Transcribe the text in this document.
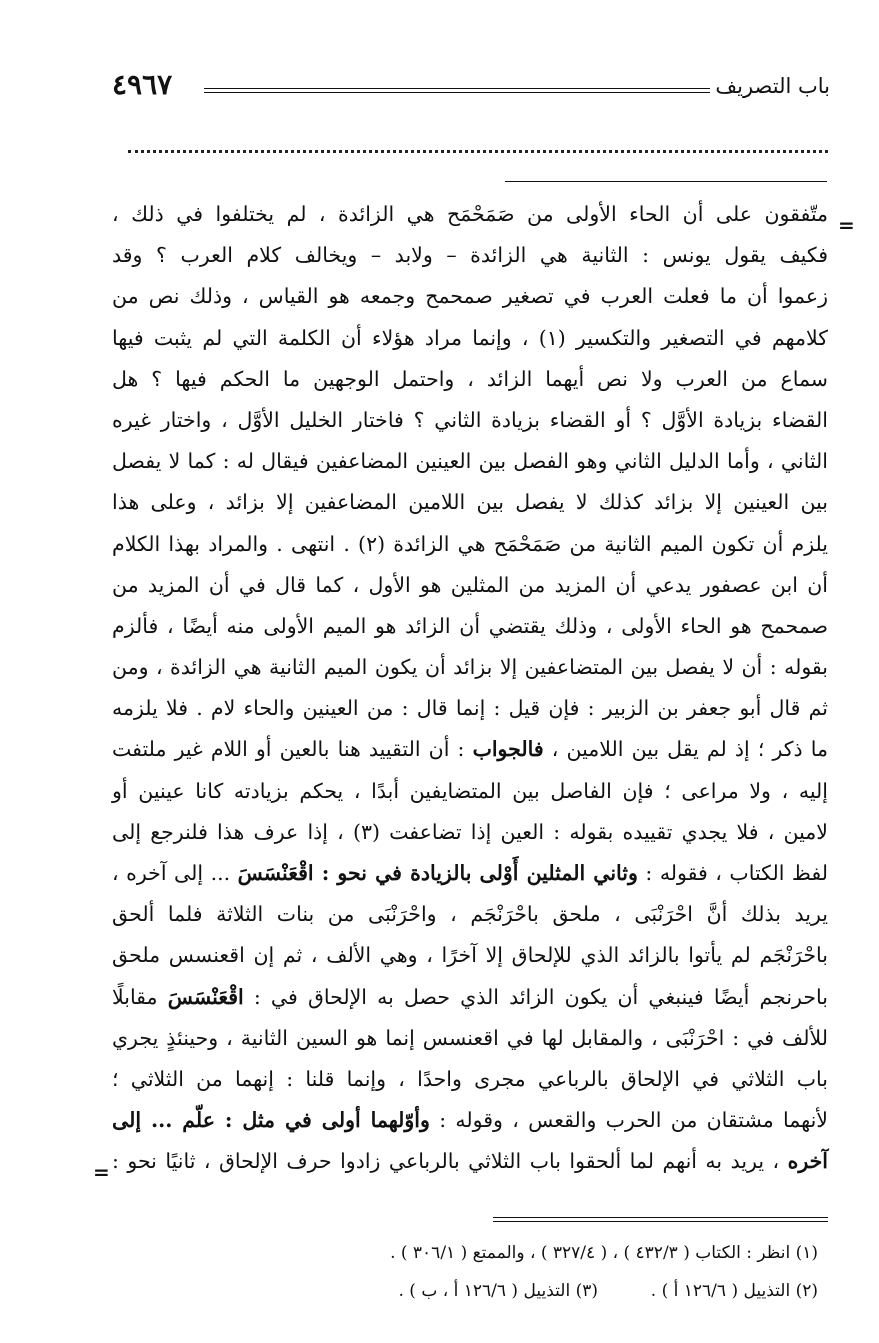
باب التصريف
٤٩٦٧
=
متّفقون على أن الحاء الأولى من صَمَحْمَح هي الزائدة ، لم يختلفوا في ذلك ،
فكيف يقول يونس : الثانية هي الزائدة – ولابد – ويخالف كلام العرب ؟ وقد
زعموا أن ما فعلت العرب في تصغير صمحمح وجمعه هو القياس ، وذلك نص من
كلامهم في التصغير والتكسير (١) ، وإنما مراد هؤلاء أن الكلمة التي لم يثبت فيها
سماع من العرب ولا نص أيهما الزائد ، واحتمل الوجهين ما الحكم فيها ؟ هل
القضاء بزيادة الأوَّل ؟ أو القضاء بزيادة الثاني ؟ فاختار الخليل الأوَّل ، واختار غيره
الثاني ، وأما الدليل الثاني وهو الفصل بين العينين المضاعفين فيقال له : كما لا يفصل
بين العينين إلا بزائد كذلك لا يفصل بين اللامين المضاعفين إلا بزائد ، وعلى هذا
يلزم أن تكون الميم الثانية من صَمَحْمَح هي الزائدة (٢) . انتهى . والمراد بهذا الكلام
أن ابن عصفور يدعي أن المزيد من المثلين هو الأول ، كما قال في أن المزيد من
صمحمح هو الحاء الأولى ، وذلك يقتضي أن الزائد هو الميم الأولى منه أيضًا ، فألزم
بقوله : أن لا يفصل بين المتضاعفين إلا بزائد أن يكون الميم الثانية هي الزائدة ، ومن
ثم قال أبو جعفر بن الزبير : فإن قيل : إنما قال : من العينين والحاء لام . فلا يلزمه
ما ذكر ؛ إذ لم يقل بين اللامين ، فالجواب : أن التقييد هنا بالعين أو اللام غير ملتفت
إليه ، ولا مراعى ؛ فإن الفاصل بين المتضايفين أبدًا ، يحكم بزيادته كانا عينين أو
لامين ، فلا يجدي تقييده بقوله : العين إذا تضاعفت (٣) ، إذا عرف هذا فلنرجع إلى
لفظ الكتاب ، فقوله : وثاني المثلين أَوْلى بالزيادة في نحو : اقْعَنْسَسَ ... إلى آخره ،
يريد بذلك أنَّ احْرَنْبَى ، ملحق باحْرَنْجَم ، واحْرَنْبَى من بنات الثلاثة فلما ألحق
باحْرَنْجَم لم يأتوا بالزائد الذي للإلحاق إلا آخرًا ، وهي الألف ، ثم إن اقعنسس ملحق
باحرنجم أيضًا فينبغي أن يكون الزائد الذي حصل به الإلحاق في : اقْعَنْسَسَ مقابلًا
للألف في : احْرَنْبَى ، والمقابل لها في اقعنسس إنما هو السين الثانية ، وحينئذٍ يجري
باب الثلاثي في الإلحاق بالرباعي مجرى واحدًا ، وإنما قلنا : إنهما من الثلاثي ؛
لأنهما مشتقان من الحرب والقعس ، وقوله : وأوّلهما أولى في مثل : علّم ... إلى
آخره ، يريد به أنهم لما ألحقوا باب الثلاثي بالرباعي زادوا حرف الإلحاق ، ثانيًا نحو :
=
(١) انظر : الكتاب ( ٤٣٢/٣ ) ، ( ٣٢٧/٤ ) ، والممتع ( ٣٠٦/١ ) .
(٢) التذييل ( ١٢٦/٦ أ ) .  (٣) التذييل ( ١٢٦/٦ أ ، ب ) .
